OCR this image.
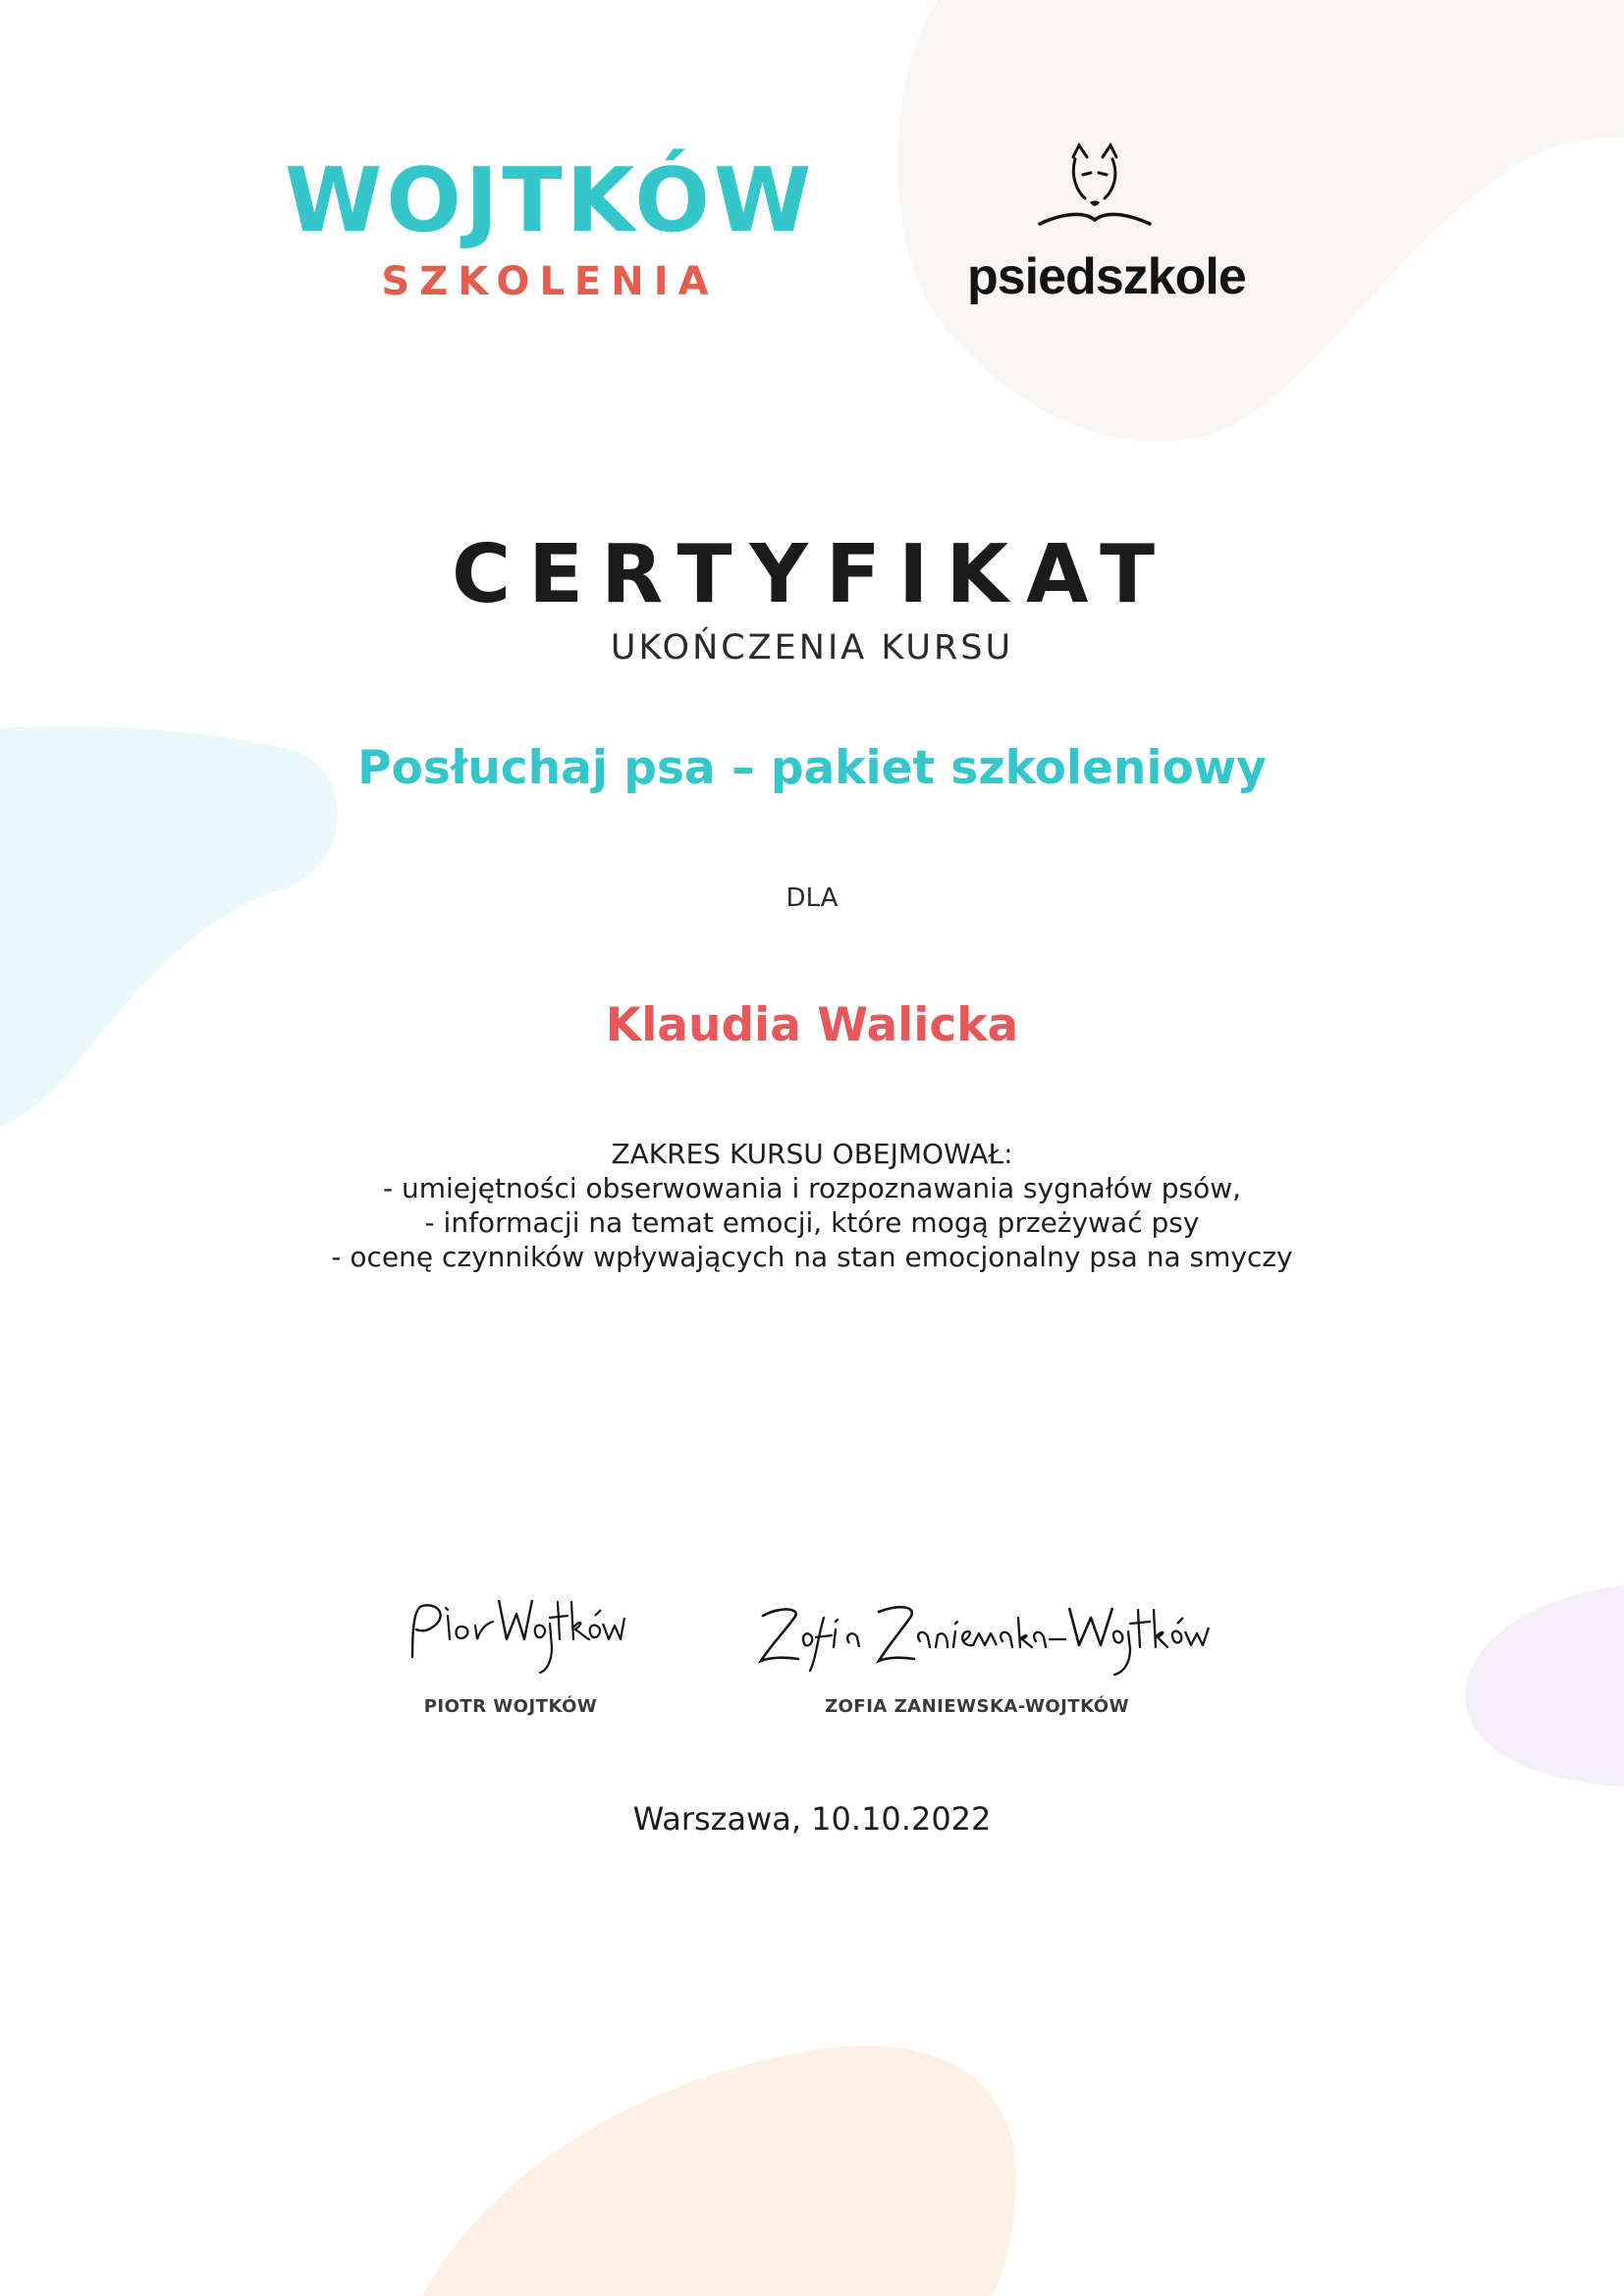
WOJTKÓW
SZKOLENIA	psiedszkole
CERTYFIKAT
UKOŃCZENIA KURSU
Posłuchaj psa – pakiet szkoleniowy
DLA
Klaudia Walicka
ZAKRES KURSU OBEJMOWAŁ:
- umiejętności obserwowania i rozpoznawania sygnałów psów,
- informacji na temat emocji, które mogą przeżywać psy
- ocenę czynników wpływających na stan emocjonalny psa na smyczy
PIOTR WOJTKÓW	ZOFIA ZANIEWSKA-WOJTKÓW
Warszawa, 10.10.2022
